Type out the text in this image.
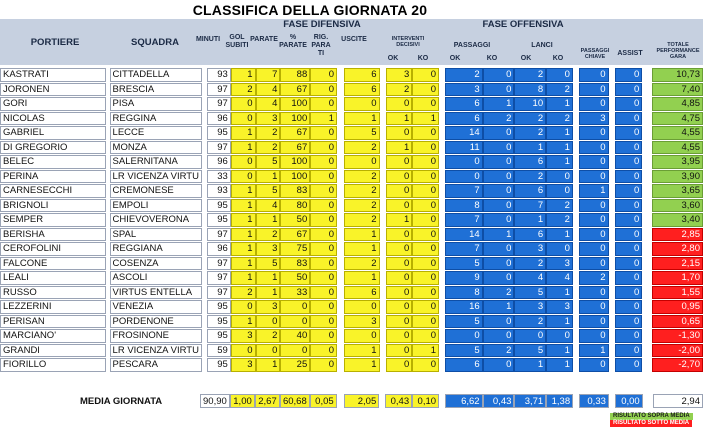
CLASSIFICA DELLA GIORNATA 20
FASE DIFENSIVA	FASE OFFENSIVA
PORTIERE	SQUADRA	MINUTI	GOL SUBITI
PARATE	% PARATE
RIG. PARA TI
USCITE	INTERVENTI DECISIVI	PASSAGGI	LANCI
PASSAGGI CHIAVE	ASSIST
TOTALE PERFORMANCE GARA
OK	KO	OK	KO	OK	KO
KASTRATI		CITTADELLA		93	1	7	88	0		6		3	0		2	0	2	0		0		0		10,73
JORONEN		BRESCIA		97	2	4	67	0		6		2	0		3	0	8	2		0		0		7,40
GORI		PISA		97	0	4	100	0		0		0	0		6	1	10	1		0		0		4,85
NICOLAS		REGGINA		96	0	3	100	1		1		1	1		6	2	2	2		3		0		4,75
GABRIEL		LECCE		95	1	2	67	0		5		0	0		14	0	2	1		0		0		4,55
DI GREGORIO		MONZA		97	1	2	67	0		2		1	0		11	0	1	1		0		0		4,55
BELEC		SALERNITANA		96	0	5	100	0		0		0	0		0	0	6	1		0		0		3,95
PERINA		LR VICENZA VIRTU		33	0	1	100	0		2		0	0		0	0	2	0		0		0		3,90
CARNESECCHI		CREMONESE		93	1	5	83	0		2		0	0		7	0	6	0		1		0		3,65
BRIGNOLI		EMPOLI		95	1	4	80	0		2		0	0		8	0	7	2		0		0		3,60
SEMPER		CHIEVOVERONA		95	1	1	50	0		2		1	0		7	0	1	2		0		0		3,40
BERISHA		SPAL		97	1	2	67	0		1		0	0		14	1	6	1		0		0		2,85
CEROFOLINI		REGGIANA		96	1	3	75	0		1		0	0		7	0	3	0		0		0		2,80
FALCONE		COSENZA		97	1	5	83	0		2		0	0		5	0	2	3		0		0		2,15
LEALI		ASCOLI		97	1	1	50	0		1		0	0		9	0	4	4		2		0		1,70
RUSSO		VIRTUS ENTELLA		97	2	1	33	0		6		0	0		8	2	5	1		0		0		1,55
LEZZERINI		VENEZIA		95	0	3	0	0		0		0	0		16	1	3	3		0		0		0,95
PERISAN		PORDENONE		95	1	0	0	0		3		0	0		5	0	2	1		0		0		0,65
MARCIANO'		FROSINONE		95	3	2	40	0		0		0	0		0	0	0	0		0		0		-1,30
GRANDI		LR VICENZA VIRTU		59	0	0	0	0		1		0	1		5	2	5	1		1		0		-2,00
FIORILLO		PESCARA		95	3	1	25	0		1		0	0		6	0	1	1		0		0		-2,70
MEDIA GIORNATA	90,90	1,00	2,67	60,68	0,05		2,05		0,43	0,10		6,62	0,43	3,71	1,38		0,33		0,00		2,94
RISULTATO SOPRA MEDIA
RISULTATO SOTTO MEDIA
